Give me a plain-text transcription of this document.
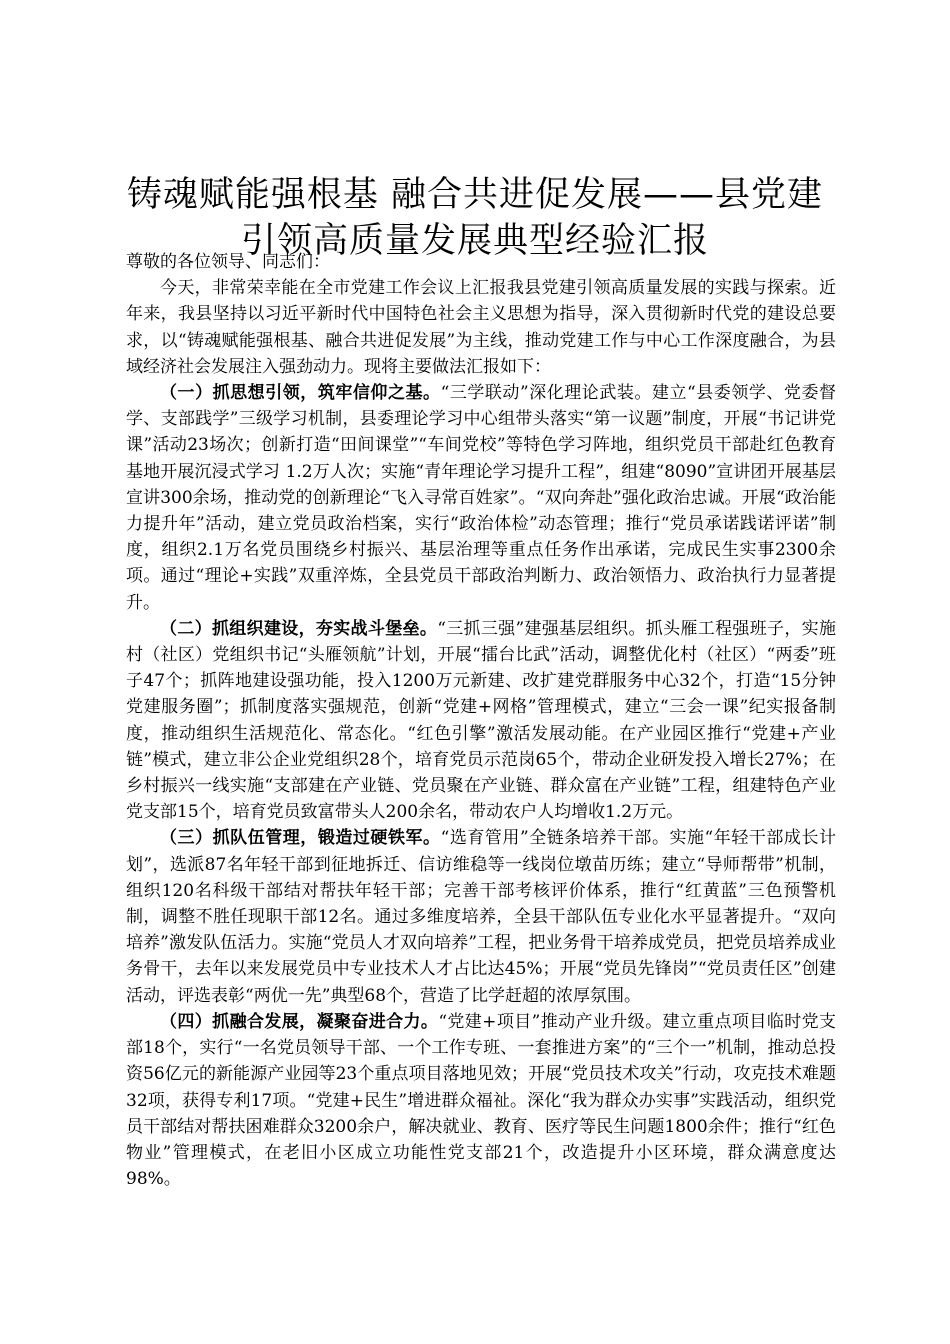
铸魂赋能强根基 融合共进促发展——县党建
引领高质量发展典型经验汇报

尊敬的各位领导、同志们：

今天，非常荣幸能在全市党建工作会议上汇报我县党建引领高质量发展的实践与探索。近年来，我县坚持以习近平新时代中国特色社会主义思想为指导，深入贯彻新时代党的建设总要求，以“铸魂赋能强根基、融合共进促发展”为主线，推动党建工作与中心工作深度融合，为县域经济社会发展注入强劲动力。现将主要做法汇报如下：

（一）抓思想引领，筑牢信仰之基。“三学联动”深化理论武装。建立“县委领学、党委督学、支部践学”三级学习机制，县委理论学习中心组带头落实“第一议题”制度，开展“书记讲党课”活动23场次；创新打造“田间课堂”“车间党校”等特色学习阵地，组织党员干部赴红色教育基地开展沉浸式学习 1.2万人次；实施“青年理论学习提升工程”，组建“8090”宣讲团开展基层宣讲300余场，推动党的创新理论“飞入寻常百姓家”。“双向奔赴”强化政治忠诚。开展“政治能力提升年”活动，建立党员政治档案，实行“政治体检”动态管理；推行“党员承诺践诺评诺”制度，组织2.1万名党员围绕乡村振兴、基层治理等重点任务作出承诺，完成民生实事2300余项。通过“理论+实践”双重淬炼，全县党员干部政治判断力、政治领悟力、政治执行力显著提升。

（二）抓组织建设，夯实战斗堡垒。“三抓三强”建强基层组织。抓头雁工程强班子，实施村（社区）党组织书记“头雁领航”计划，开展“擂台比武”活动，调整优化村（社区）“两委”班子47个；抓阵地建设强功能，投入1200万元新建、改扩建党群服务中心32个，打造“15分钟党建服务圈”；抓制度落实强规范，创新“党建+网格”管理模式，建立“三会一课”纪实报备制度，推动组织生活规范化、常态化。“红色引擎”激活发展动能。在产业园区推行“党建+产业链”模式，建立非公企业党组织28个，培育党员示范岗65个，带动企业研发投入增长27%；在乡村振兴一线实施“支部建在产业链、党员聚在产业链、群众富在产业链”工程，组建特色产业党支部15个，培育党员致富带头人200余名，带动农户人均增收1.2万元。

（三）抓队伍管理，锻造过硬铁军。“选育管用”全链条培养干部。实施“年轻干部成长计划”，选派87名年轻干部到征地拆迁、信访维稳等一线岗位墩苗历练；建立“导师帮带”机制，组织120名科级干部结对帮扶年轻干部；完善干部考核评价体系，推行“红黄蓝”三色预警机制，调整不胜任现职干部12名。通过多维度培养，全县干部队伍专业化水平显著提升。“双向培养”激发队伍活力。实施“党员人才双向培养”工程，把业务骨干培养成党员，把党员培养成业务骨干，去年以来发展党员中专业技术人才占比达45%；开展“党员先锋岗”“党员责任区”创建活动，评选表彰“两优一先”典型68个，营造了比学赶超的浓厚氛围。

（四）抓融合发展，凝聚奋进合力。“党建+项目”推动产业升级。建立重点项目临时党支部18个，实行“一名党员领导干部、一个工作专班、一套推进方案”的“三个一”机制，推动总投资56亿元的新能源产业园等23个重点项目落地见效；开展“党员技术攻关”行动，攻克技术难题32项，获得专利17项。“党建+民生”增进群众福祉。深化“我为群众办实事”实践活动，组织党员干部结对帮扶困难群众3200余户，解决就业、教育、医疗等民生问题1800余件；推行“红色物业”管理模式，在老旧小区成立功能性党支部21个，改造提升小区环境，群众满意度达98%。
